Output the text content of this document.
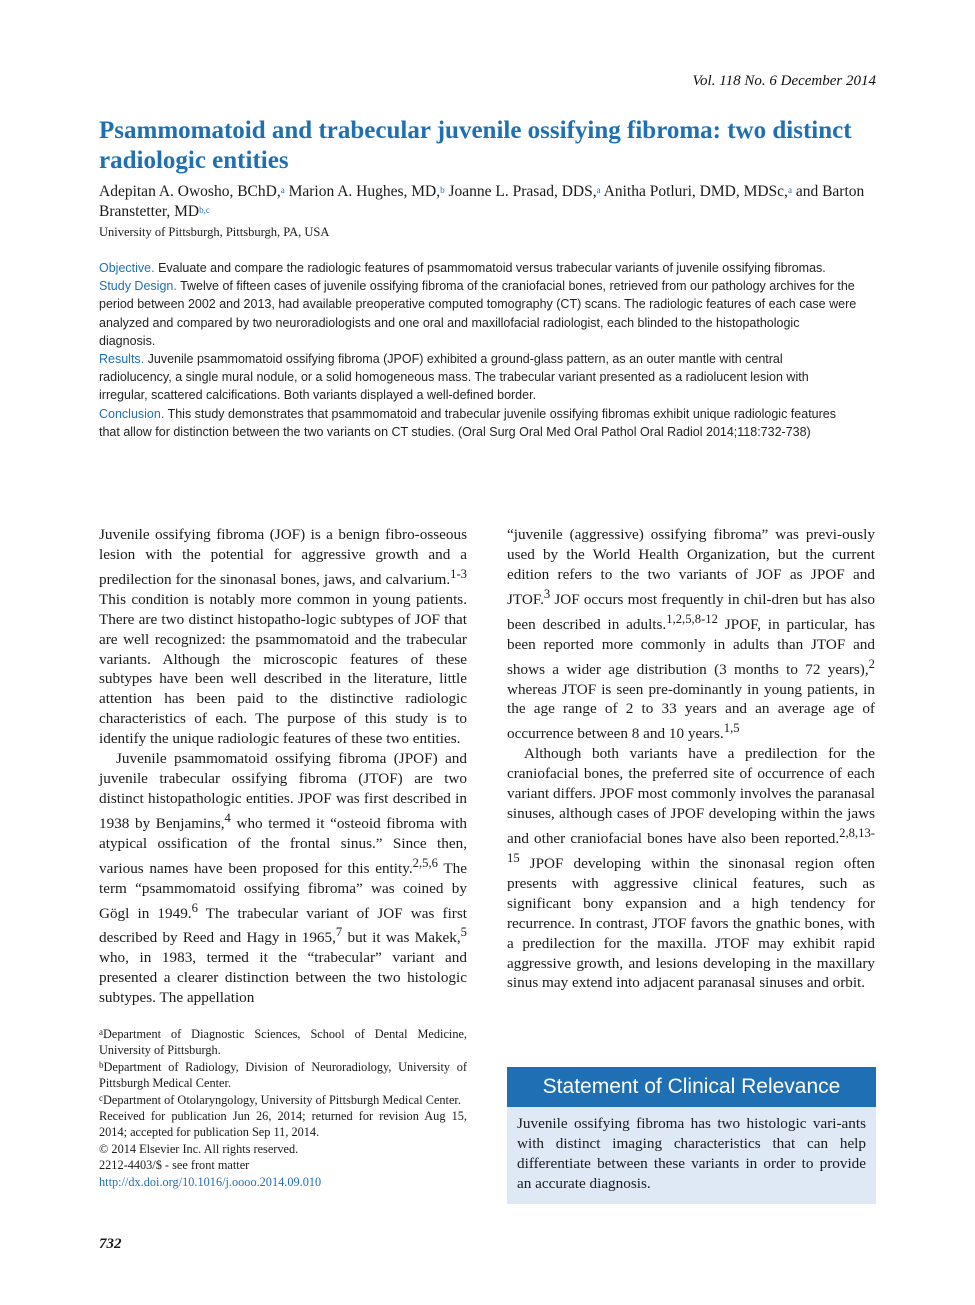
Vol. 118 No. 6 December 2014
Psammomatoid and trabecular juvenile ossifying fibroma: two distinct radiologic entities
Adepitan A. Owosho, BChD,$^a$ Marion A. Hughes, MD,$^b$ Joanne L. Prasad, DDS,$^a$ Anitha Potluri, DMD, MDSc,$^a$ and Barton Branstetter, MD$^{b,c}$
University of Pittsburgh, Pittsburgh, PA, USA

Objective. Evaluate and compare the radiologic features of psammomatoid versus trabecular variants of juvenile ossifying fibromas.

Study Design. Twelve of fifteen cases of juvenile ossifying fibroma of the craniofacial bones, retrieved from our pathology archives for the period between 2002 and 2013, had available preoperative computed tomography (CT) scans. The radiologic features of each case were analyzed and compared by two neuroradiologists and one oral and maxillofacial radiologist, each blinded to the histopathologic diagnosis.

Results. Juvenile psammomatoid ossifying fibroma (JPOF) exhibited a ground-glass pattern, as an outer mantle with central radiolucency, a single mural nodule, or a solid homogeneous mass. The trabecular variant presented as a radiolucent lesion with irregular, scattered calcifications. Both variants displayed a well-defined border.

Conclusion. This study demonstrates that psammomatoid and trabecular juvenile ossifying fibromas exhibit unique radiologic features that allow for distinction between the two variants on CT studies. (Oral Surg Oral Med Oral Pathol Oral Radiol 2014;118:732-738)

Juvenile ossifying fibroma (JOF) is a benign fibro-osseous lesion with the potential for aggressive growth and a predilection for the sinonasal bones, jaws, and calvarium.$^{1-3}$ This condition is notably more common in young patients. There are two distinct histopatho-logic subtypes of JOF that are well recognized: the psammomatoid and the trabecular variants. Although the microscopic features of these subtypes have been well described in the literature, little attention has been paid to the distinctive radiologic characteristics of each. The purpose of this study is to identify the unique radiologic features of these two entities.

Juvenile psammomatoid ossifying fibroma (JPOF) and juvenile trabecular ossifying fibroma (JTOF) are two distinct histopathologic entities. JPOF was first described in 1938 by Benjamins,$^4$ who termed it “osteoid fibroma with atypical ossification of the frontal sinus.” Since then, various names have been proposed for this entity.$^{2,5,6}$ The term “psammomatoid ossifying fibroma” was coined by Gögl in 1949.$^6$ The trabecular variant of JOF was first described by Reed and Hagy in 1965,$^7$ but it was Makek,$^5$ who, in 1983, termed it the “trabecular” variant and presented a clearer distinction between the two histologic subtypes. The appellation

“juvenile (aggressive) ossifying fibroma” was previ-ously used by the World Health Organization, but the current edition refers to the two variants of JOF as JPOF and JTOF.$^3$ JOF occurs most frequently in chil-dren but has also been described in adults.$^{1,2,5,8-12}$ JPOF, in particular, has been reported more commonly in adults than JTOF and shows a wider age distribution (3 months to 72 years),$^2$ whereas JTOF is seen pre-dominantly in young patients, in the age range of 2 to 33 years and an average age of occurrence between 8 and 10 years.$^{1,5}$

Although both variants have a predilection for the craniofacial bones, the preferred site of occurrence of each variant differs. JPOF most commonly involves the paranasal sinuses, although cases of JPOF developing within the jaws and other craniofacial bones have also been reported.$^{2,8,13-15}$ JPOF developing within the sinonasal region often presents with aggressive clinical features, such as significant bony expansion and a high tendency for recurrence. In contrast, JTOF favors the gnathic bones, with a predilection for the maxilla. JTOF may exhibit rapid aggressive growth, and lesions developing in the maxillary sinus may extend into adjacent paranasal sinuses and orbit.

$^a$Department of Diagnostic Sciences, School of Dental Medicine, University of Pittsburgh.

$^b$Department of Radiology, Division of Neuroradiology, University of Pittsburgh Medical Center.

$^c$Department of Otolaryngology, University of Pittsburgh Medical Center.

Received for publication Jun 26, 2014; returned for revision Aug 15, 2014; accepted for publication Sep 11, 2014.

© 2014 Elsevier Inc. All rights reserved.

2212-4403/$ - see front matter

http://dx.doi.org/10.1016/j.oooo.2014.09.010

Statement of Clinical Relevance
Juvenile ossifying fibroma has two histologic vari-ants with distinct imaging characteristics that can help differentiate between these variants in order to provide an accurate diagnosis.
732
